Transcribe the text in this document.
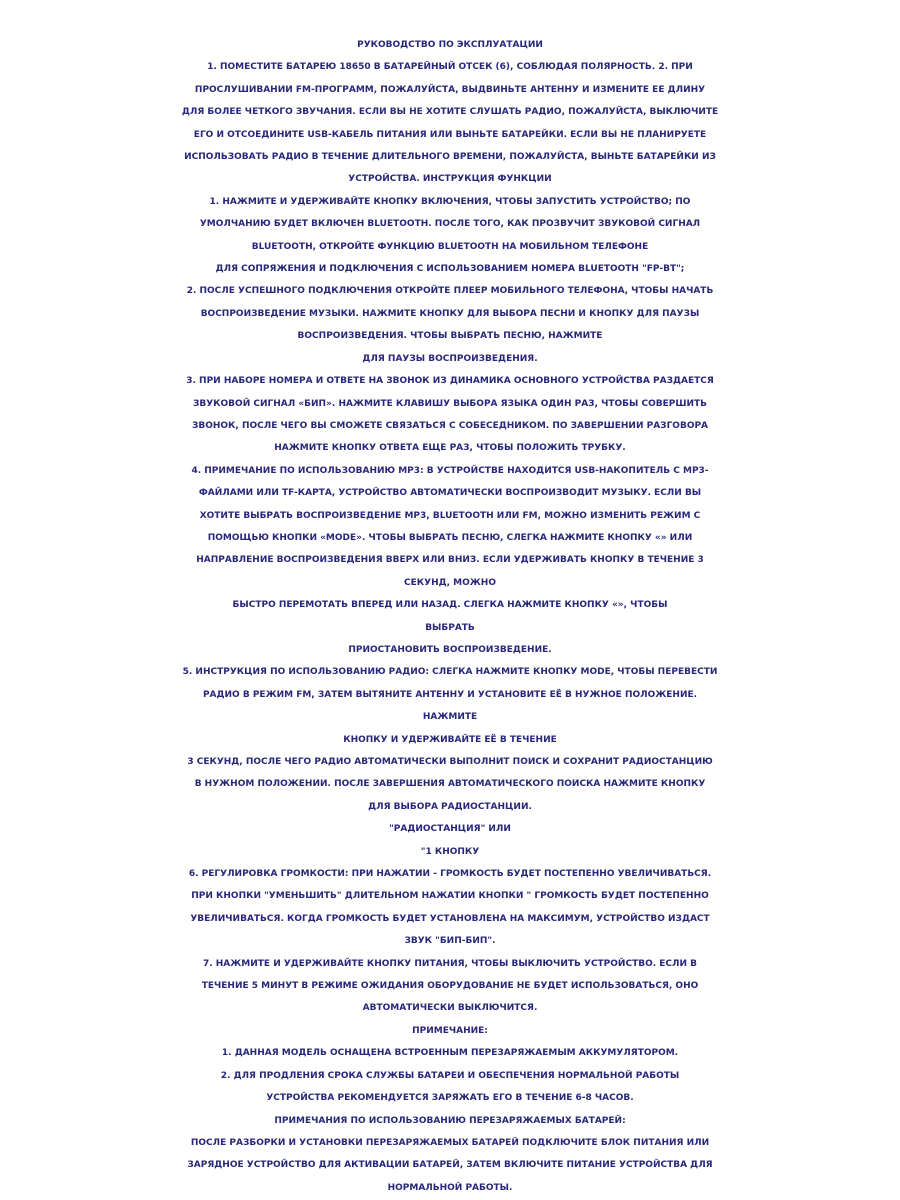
РУКОВОДСТВО ПО ЭКСПЛУАТАЦИИ
1. ПОМЕСТИТЕ БАТАРЕЮ 18650 В БАТАРЕЙНЫЙ ОТСЕК (6), СОБЛЮДАЯ ПОЛЯРНОСТЬ. 2. ПРИ
ПРОСЛУШИВАНИИ FM-ПРОГРАММ, ПОЖАЛУЙСТА, ВЫДВИНЬТЕ АНТЕННУ И ИЗМЕНИТЕ ЕЕ ДЛИНУ
ДЛЯ БОЛЕЕ ЧЕТКОГО ЗВУЧАНИЯ. ЕСЛИ ВЫ НЕ ХОТИТЕ СЛУШАТЬ РАДИО, ПОЖАЛУЙСТА, ВЫКЛЮЧИТЕ
ЕГО И ОТСОЕДИНИТЕ USB-КАБЕЛЬ ПИТАНИЯ ИЛИ ВЫНЬТЕ БАТАРЕЙКИ. ЕСЛИ ВЫ НЕ ПЛАНИРУЕТЕ
ИСПОЛЬЗОВАТЬ РАДИО В ТЕЧЕНИЕ ДЛИТЕЛЬНОГО ВРЕМЕНИ, ПОЖАЛУЙСТА, ВЫНЬТЕ БАТАРЕЙКИ ИЗ
УСТРОЙСТВА. ИНСТРУКЦИЯ ФУНКЦИИ
1. НАЖМИТЕ И УДЕРЖИВАЙТЕ КНОПКУ ВКЛЮЧЕНИЯ, ЧТОБЫ ЗАПУСТИТЬ УСТРОЙСТВО; ПО
УМОЛЧАНИЮ БУДЕТ ВКЛЮЧЕН BLUETOOTH. ПОСЛЕ ТОГО, КАК ПРОЗВУЧИТ ЗВУКОВОЙ СИГНАЛ
BLUETOOTH, ОТКРОЙТЕ ФУНКЦИЮ BLUETOOTH НА МОБИЛЬНОМ ТЕЛЕФОНЕ
ДЛЯ СОПРЯЖЕНИЯ И ПОДКЛЮЧЕНИЯ С ИСПОЛЬЗОВАНИЕМ НОМЕРА BLUETOOTH "FP-BT";
2. ПОСЛЕ УСПЕШНОГО ПОДКЛЮЧЕНИЯ ОТКРОЙТЕ ПЛЕЕР МОБИЛЬНОГО ТЕЛЕФОНА, ЧТОБЫ НАЧАТЬ
ВОСПРОИЗВЕДЕНИЕ МУЗЫКИ. НАЖМИТЕ КНОПКУ ДЛЯ ВЫБОРА ПЕСНИ И КНОПКУ ДЛЯ ПАУЗЫ
ВОСПРОИЗВЕДЕНИЯ. ЧТОБЫ ВЫБРАТЬ ПЕСНЮ, НАЖМИТЕ
ДЛЯ ПАУЗЫ ВОСПРОИЗВЕДЕНИЯ.
3. ПРИ НАБОРЕ НОМЕРА И ОТВЕТЕ НА ЗВОНОК ИЗ ДИНАМИКА ОСНОВНОГО УСТРОЙСТВА РАЗДАЕТСЯ
ЗВУКОВОЙ СИГНАЛ «БИП». НАЖМИТЕ КЛАВИШУ ВЫБОРА ЯЗЫКА ОДИН РАЗ, ЧТОБЫ СОВЕРШИТЬ
ЗВОНОК, ПОСЛЕ ЧЕГО ВЫ СМОЖЕТЕ СВЯЗАТЬСЯ С СОБЕСЕДНИКОМ. ПО ЗАВЕРШЕНИИ РАЗГОВОРА
НАЖМИТЕ КНОПКУ ОТВЕТА ЕЩЕ РАЗ, ЧТОБЫ ПОЛОЖИТЬ ТРУБКУ.
4. ПРИМЕЧАНИЕ ПО ИСПОЛЬЗОВАНИЮ MP3: В УСТРОЙСТВЕ НАХОДИТСЯ USB-НАКОПИТЕЛЬ С MP3-
ФАЙЛАМИ ИЛИ TF-КАРТА, УСТРОЙСТВО АВТОМАТИЧЕСКИ ВОСПРОИЗВОДИТ МУЗЫКУ. ЕСЛИ ВЫ
ХОТИТЕ ВЫБРАТЬ ВОСПРОИЗВЕДЕНИЕ MP3, BLUETOOTH ИЛИ FM, МОЖНО ИЗМЕНИТЬ РЕЖИМ С
ПОМОЩЬЮ КНОПКИ «MODE». ЧТОБЫ ВЫБРАТЬ ПЕСНЮ, СЛЕГКА НАЖМИТЕ КНОПКУ «» ИЛИ
НАПРАВЛЕНИЕ ВОСПРОИЗВЕДЕНИЯ ВВЕРХ ИЛИ ВНИЗ. ЕСЛИ УДЕРЖИВАТЬ КНОПКУ В ТЕЧЕНИЕ 3
СЕКУНД, МОЖНО
БЫСТРО ПЕРЕМОТАТЬ ВПЕРЕД ИЛИ НАЗАД. СЛЕГКА НАЖМИТЕ КНОПКУ «», ЧТОБЫ
ВЫБРАТЬ
ПРИОСТАНОВИТЬ ВОСПРОИЗВЕДЕНИЕ.
5. ИНСТРУКЦИЯ ПО ИСПОЛЬЗОВАНИЮ РАДИО: СЛЕГКА НАЖМИТЕ КНОПКУ MODE, ЧТОБЫ ПЕРЕВЕСТИ
РАДИО В РЕЖИМ FM, ЗАТЕМ ВЫТЯНИТЕ АНТЕННУ И УСТАНОВИТЕ ЕЁ В НУЖНОЕ ПОЛОЖЕНИЕ.
НАЖМИТЕ
КНОПКУ И УДЕРЖИВАЙТЕ ЕЁ В ТЕЧЕНИЕ
3 СЕКУНД, ПОСЛЕ ЧЕГО РАДИО АВТОМАТИЧЕСКИ ВЫПОЛНИТ ПОИСК И СОХРАНИТ РАДИОСТАНЦИЮ
В НУЖНОМ ПОЛОЖЕНИИ. ПОСЛЕ ЗАВЕРШЕНИЯ АВТОМАТИЧЕСКОГО ПОИСКА НАЖМИТЕ КНОПКУ
ДЛЯ ВЫБОРА РАДИОСТАНЦИИ.
"РАДИОСТАНЦИЯ" ИЛИ
"1 КНОПКУ
6. РЕГУЛИРОВКА ГРОМКОСТИ: ПРИ НАЖАТИИ - ГРОМКОСТЬ БУДЕТ ПОСТЕПЕННО УВЕЛИЧИВАТЬСЯ.
ПРИ КНОПКИ "УМЕНЬШИТЬ" ДЛИТЕЛЬНОМ НАЖАТИИ КНОПКИ " ГРОМКОСТЬ БУДЕТ ПОСТЕПЕННО
УВЕЛИЧИВАТЬСЯ. КОГДА ГРОМКОСТЬ БУДЕТ УСТАНОВЛЕНА НА МАКСИМУМ, УСТРОЙСТВО ИЗДАСТ
ЗВУК "БИП-БИП".
7. НАЖМИТЕ И УДЕРЖИВАЙТЕ КНОПКУ ПИТАНИЯ, ЧТОБЫ ВЫКЛЮЧИТЬ УСТРОЙСТВО. ЕСЛИ В
ТЕЧЕНИЕ 5 МИНУТ В РЕЖИМЕ ОЖИДАНИЯ ОБОРУДОВАНИЕ НЕ БУДЕТ ИСПОЛЬЗОВАТЬСЯ, ОНО
АВТОМАТИЧЕСКИ ВЫКЛЮЧИТСЯ.
ПРИМЕЧАНИЕ:
1. ДАННАЯ МОДЕЛЬ ОСНАЩЕНА ВСТРОЕННЫМ ПЕРЕЗАРЯЖАЕМЫМ АККУМУЛЯТОРОМ.
2. ДЛЯ ПРОДЛЕНИЯ СРОКА СЛУЖБЫ БАТАРЕИ И ОБЕСПЕЧЕНИЯ НОРМАЛЬНОЙ РАБОТЫ
УСТРОЙСТВА РЕКОМЕНДУЕТСЯ ЗАРЯЖАТЬ ЕГО В ТЕЧЕНИЕ 6-8 ЧАСОВ.
ПРИМЕЧАНИЯ ПО ИСПОЛЬЗОВАНИЮ ПЕРЕЗАРЯЖАЕМЫХ БАТАРЕЙ:
ПОСЛЕ РАЗБОРКИ И УСТАНОВКИ ПЕРЕЗАРЯЖАЕМЫХ БАТАРЕЙ ПОДКЛЮЧИТЕ БЛОК ПИТАНИЯ ИЛИ
ЗАРЯДНОЕ УСТРОЙСТВО ДЛЯ АКТИВАЦИИ БАТАРЕЙ, ЗАТЕМ ВКЛЮЧИТЕ ПИТАНИЕ УСТРОЙСТВА ДЛЯ
НОРМАЛЬНОЙ РАБОТЫ.
